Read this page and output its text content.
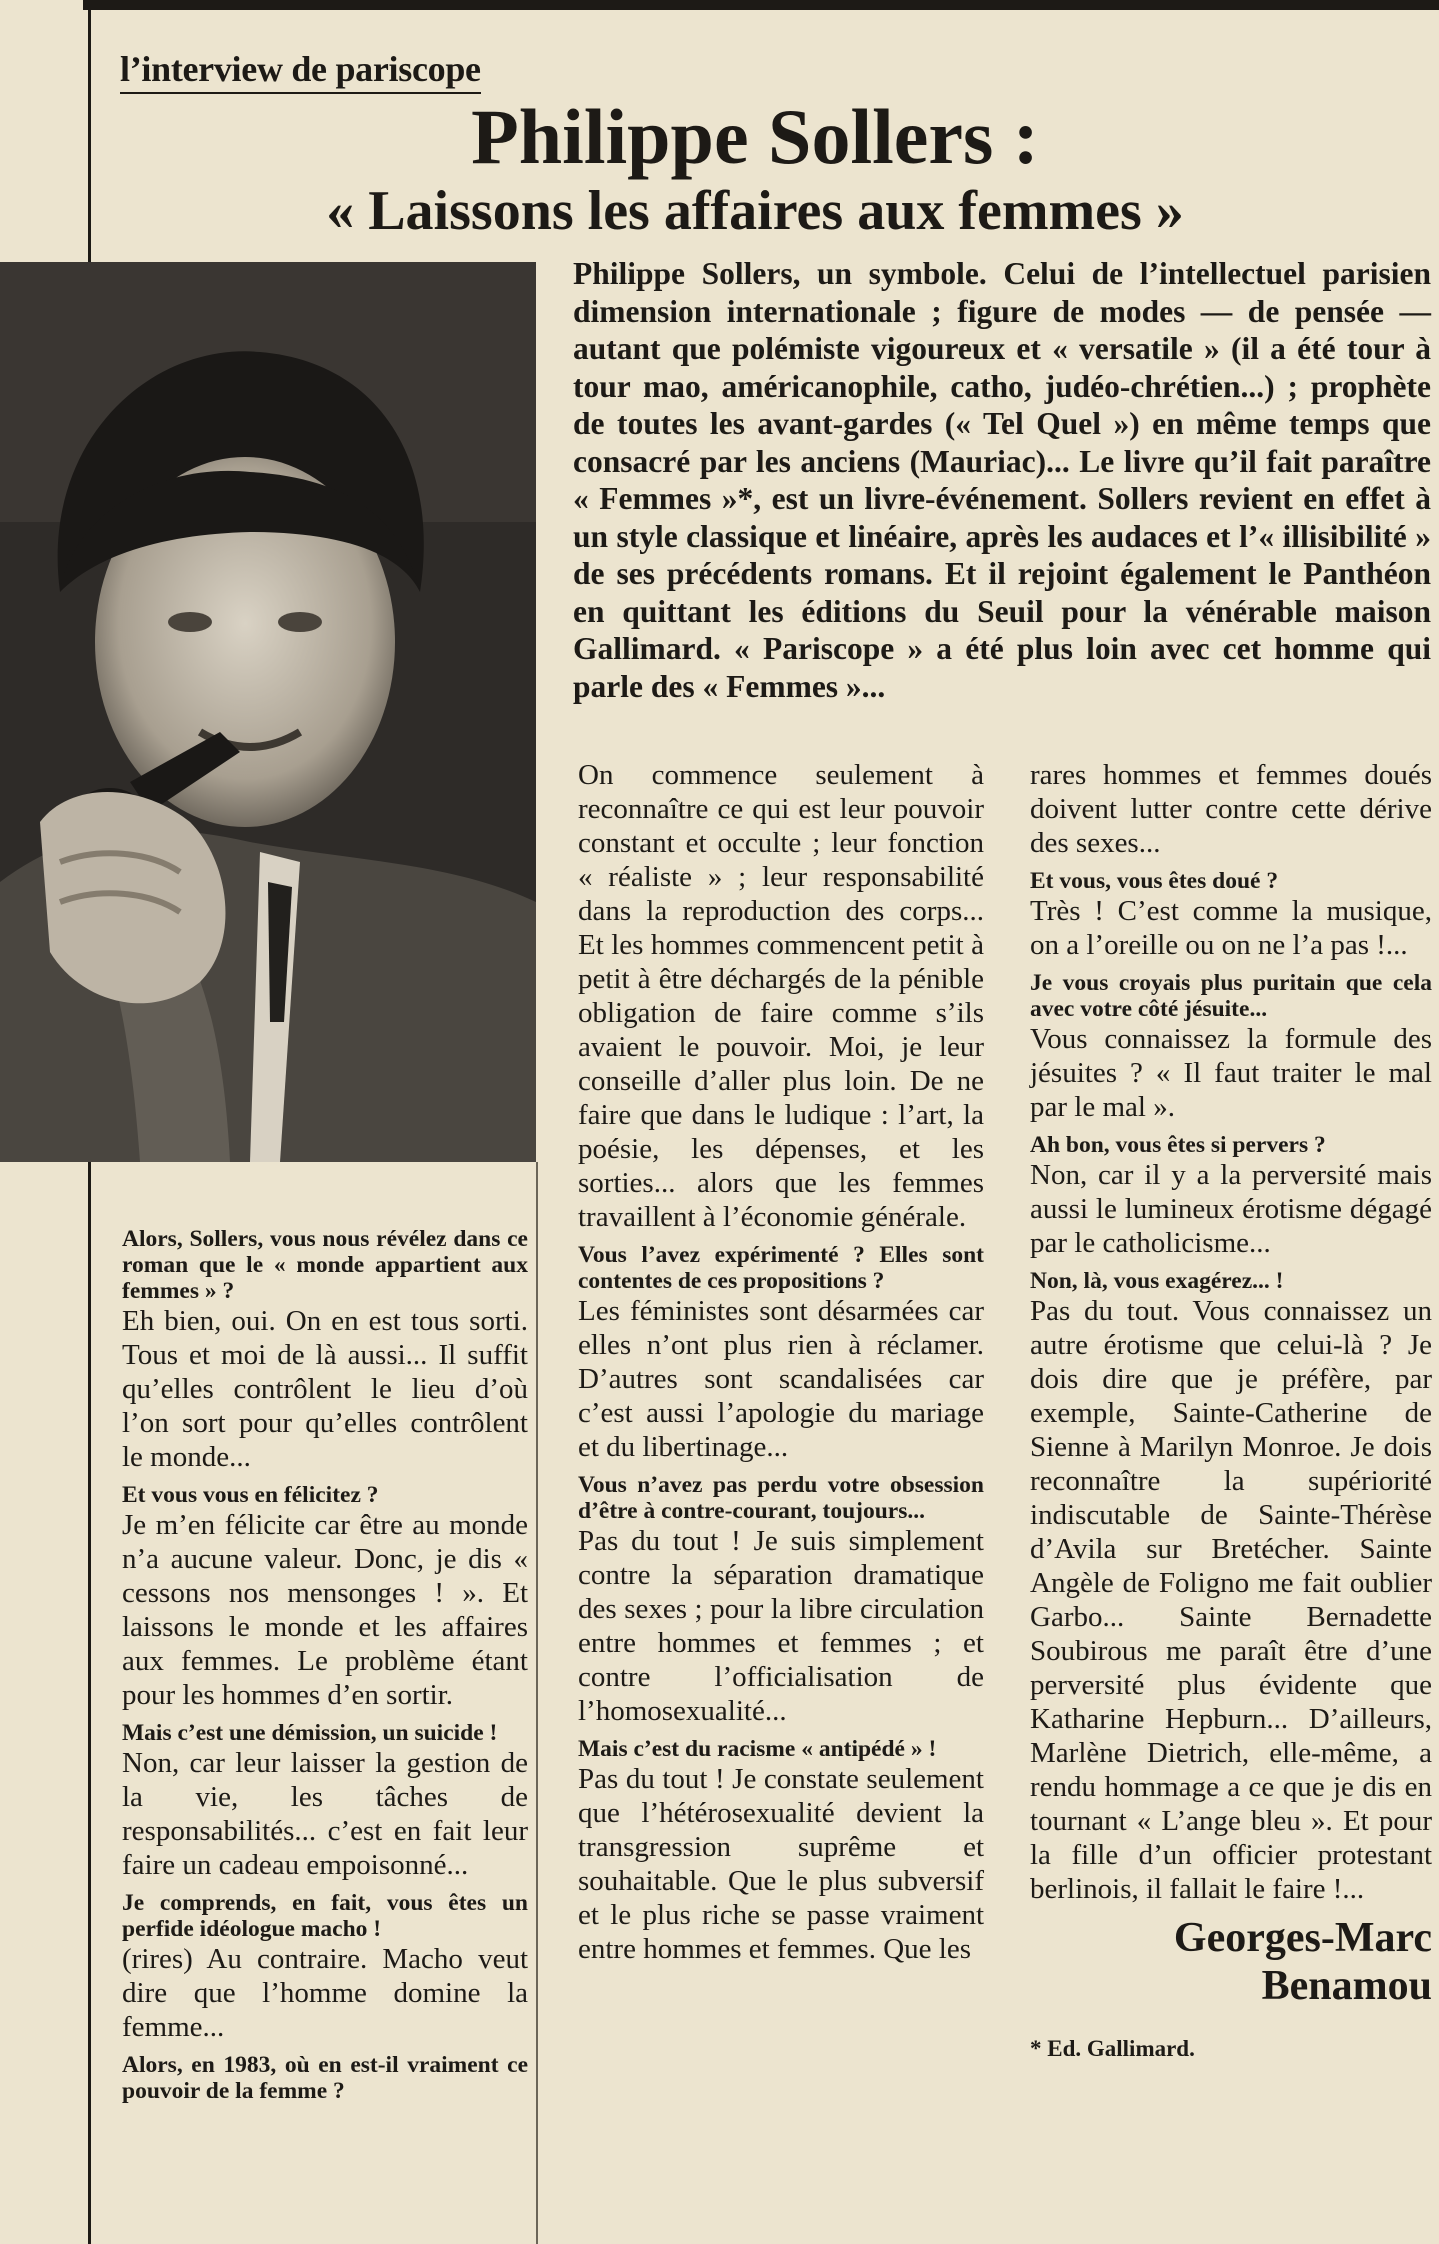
l’interview de pariscope
Philippe Sollers :
« Laissons les affaires aux femmes »
Philippe Sollers, un symbole. Celui de l’intellectuel parisien dimension internationale ; figure de modes — de pensée — autant que polémiste vigoureux et « versatile » (il a été tour à tour mao, américanophile, catho, judéo-chrétien...) ; prophète de toutes les avant-gardes (« Tel Quel ») en même temps que consacré par les anciens (Mauriac)... Le livre qu’il fait paraître « Femmes »*, est un livre-événement. Sollers revient en effet à un style classique et linéaire, après les audaces et l’« illisibilité » de ses précédents romans. Et il rejoint également le Panthéon en quittant les éditions du Seuil pour la vénérable maison Gallimard. « Pariscope » a été plus loin avec cet homme qui parle des « Femmes »...

Alors, Sollers, vous nous révélez dans ce roman que le « monde appartient aux femmes » ?

Eh bien, oui. On en est tous sorti. Tous et moi de là aussi... Il suffit qu’elles contrôlent le lieu d’où l’on sort pour qu’elles contrôlent le monde...

Et vous vous en félicitez ?

Je m’en félicite car être au monde n’a aucune valeur. Donc, je dis « cessons nos mensonges ! ». Et laissons le monde et les affaires aux femmes. Le problème étant pour les hommes d’en sortir.

Mais c’est une démission, un suicide !

Non, car leur laisser la gestion de la vie, les tâches de responsabilités... c’est en fait leur faire un cadeau empoisonné...

Je comprends, en fait, vous êtes un perfide idéologue macho !

(rires) Au contraire. Macho veut dire que l’homme domine la femme...

Alors, en 1983, où en est-il vraiment ce pouvoir de la femme ?

On commence seulement à reconnaître ce qui est leur pouvoir constant et occulte ; leur fonction « réaliste » ; leur responsabilité dans la reproduction des corps... Et les hommes commencent petit à petit à être déchargés de la pénible obligation de faire comme s’ils avaient le pouvoir. Moi, je leur conseille d’aller plus loin. De ne faire que dans le ludique : l’art, la poésie, les dépenses, et les sorties... alors que les femmes travaillent à l’économie générale.

Vous l’avez expérimenté ? Elles sont contentes de ces propositions ?

Les féministes sont désarmées car elles n’ont plus rien à réclamer. D’autres sont scandalisées car c’est aussi l’apologie du mariage et du libertinage...

Vous n’avez pas perdu votre obsession d’être à contre-courant, toujours...

Pas du tout ! Je suis simplement contre la séparation dramatique des sexes ; pour la libre circulation entre hommes et femmes ; et contre l’officialisation de l’homosexualité...

Mais c’est du racisme « antipédé » !

Pas du tout ! Je constate seulement que l’hétérosexualité devient la transgression suprême et souhaitable. Que le plus subversif et le plus riche se passe vraiment entre hommes et femmes. Que les

rares hommes et femmes doués doivent lutter contre cette dérive des sexes...

Et vous, vous êtes doué ?

Très ! C’est comme la musique, on a l’oreille ou on ne l’a pas !...

Je vous croyais plus puritain que cela avec votre côté jésuite...

Vous connaissez la formule des jésuites ? « Il faut traiter le mal par le mal ».

Ah bon, vous êtes si pervers ?

Non, car il y a la perversité mais aussi le lumineux érotisme dégagé par le catholicisme...

Non, là, vous exagérez... !

Pas du tout. Vous connaissez un autre érotisme que celui-là ? Je dois dire que je préfère, par exemple, Sainte-Catherine de Sienne à Marilyn Monroe. Je dois reconnaître la supériorité indiscutable de Sainte-Thérèse d’Avila sur Bretécher. Sainte Angèle de Foligno me fait oublier Garbo... Sainte Bernadette Soubirous me paraît être d’une perversité plus évidente que Katharine Hepburn... D’ailleurs, Marlène Dietrich, elle-même, a rendu hommage a ce que je dis en tournant « L’ange bleu ». Et pour la fille d’un officier protestant berlinois, il fallait le faire !...

Georges-Marc
Benamou
* Ed. Gallimard.
